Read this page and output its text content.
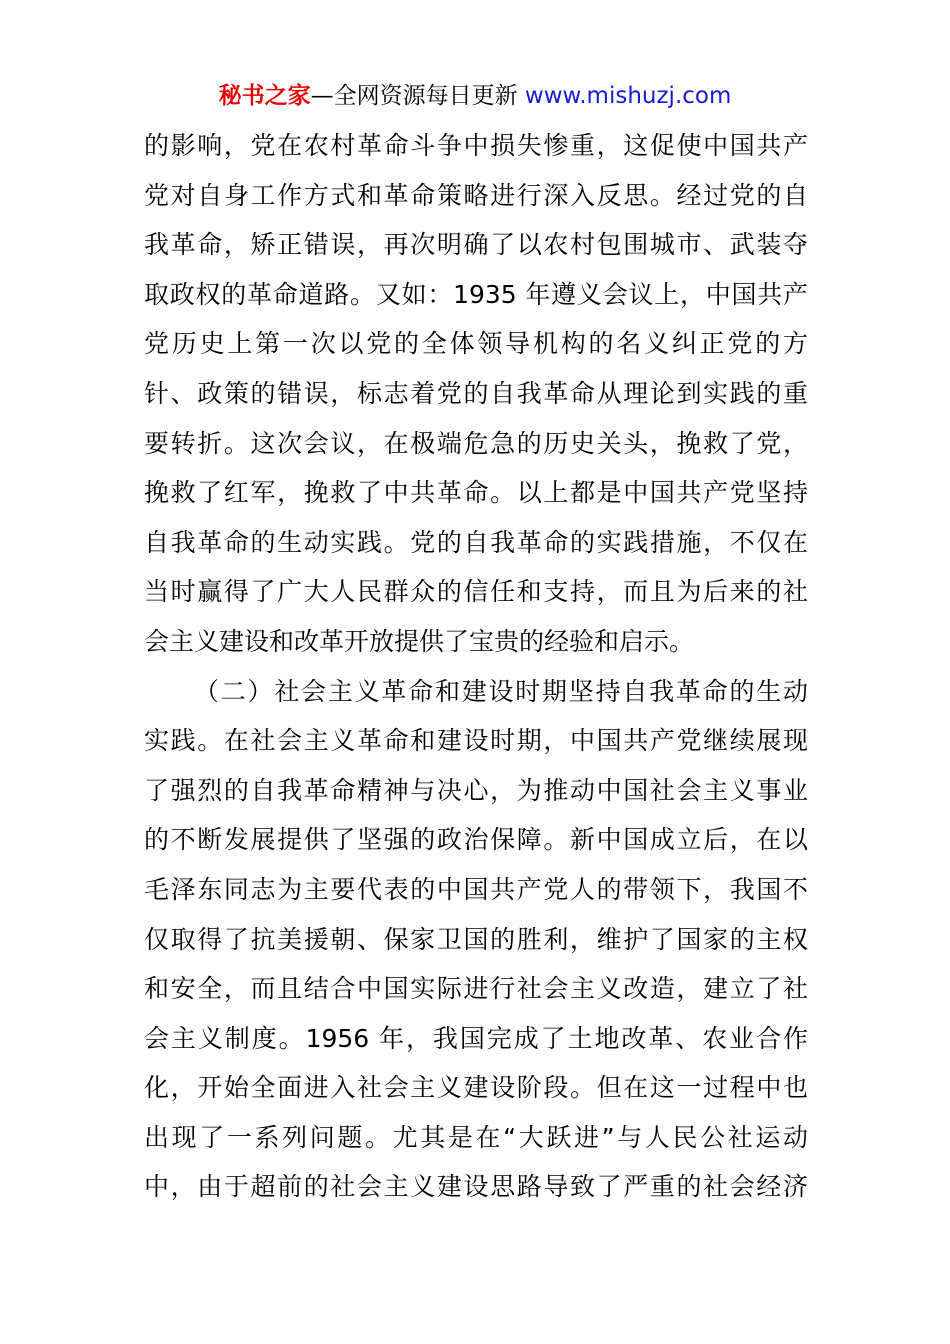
秘书之家—全网资源每日更新 www.mishuzj.com
的影响，党在农村革命斗争中损失惨重，这促使中国共产
党对自身工作方式和革命策略进行深入反思。经过党的自
我革命，矫正错误，再次明确了以农村包围城市、武装夺
取政权的革命道路。又如：1935 年遵义会议上，中国共产
党历史上第一次以党的全体领导机构的名义纠正党的方
针、政策的错误，标志着党的自我革命从理论到实践的重
要转折。这次会议，在极端危急的历史关头，挽救了党，
挽救了红军，挽救了中共革命。以上都是中国共产党坚持
自我革命的生动实践。党的自我革命的实践措施，不仅在
当时赢得了广大人民群众的信任和支持，而且为后来的社
会主义建设和改革开放提供了宝贵的经验和启示。
（二）社会主义革命和建设时期坚持自我革命的生动
实践。在社会主义革命和建设时期，中国共产党继续展现
了强烈的自我革命精神与决心，为推动中国社会主义事业
的不断发展提供了坚强的政治保障。新中国成立后，在以
毛泽东同志为主要代表的中国共产党人的带领下，我国不
仅取得了抗美援朝、保家卫国的胜利，维护了国家的主权
和安全，而且结合中国实际进行社会主义改造，建立了社
会主义制度。1956 年，我国完成了土地改革、农业合作
化，开始全面进入社会主义建设阶段。但在这一过程中也
出现了一系列问题。尤其是在“大跃进”与人民公社运动
中，由于超前的社会主义建设思路导致了严重的社会经济
